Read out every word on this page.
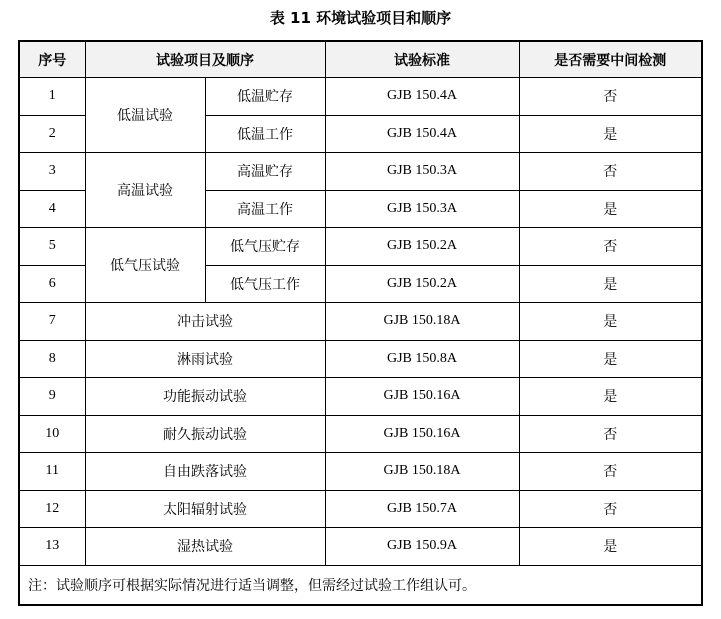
表 11 环境试验项目和顺序
序号	试验项目及顺序		试验标准	是否需要中间检测
1	低温试验	低温贮存	GJB 150.4A	否
2		低温工作	GJB 150.4A	是
3	高温试验	高温贮存	GJB 150.3A	否
4		高温工作	GJB 150.3A	是
5	低气压试验	低气压贮存	GJB 150.2A	否
6		低气压工作	GJB 150.2A	是
7	冲击试验		GJB 150.18A	是
8	淋雨试验		GJB 150.8A	是
9	功能振动试验		GJB 150.16A	是
10	耐久振动试验		GJB 150.16A	否
11	自由跌落试验		GJB 150.18A	否
12	太阳辐射试验		GJB 150.7A	否
13	湿热试验		GJB 150.9A	是
注：试验顺序可根据实际情况进行适当调整，但需经过试验工作组认可。				
